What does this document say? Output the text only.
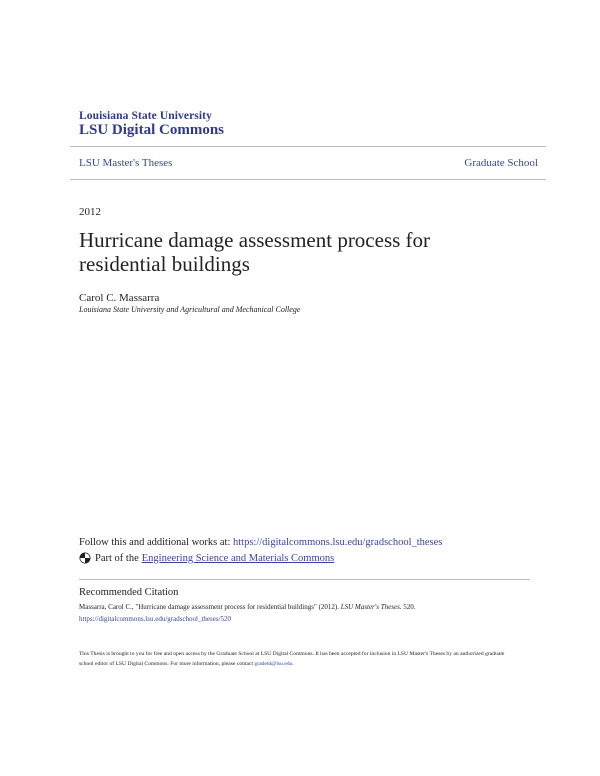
Louisiana State University
LSU Digital Commons
LSU Master's Theses	Graduate School
2012
Hurricane damage assessment process for residential buildings
Carol C. Massarra
Louisiana State University and Agricultural and Mechanical College
Follow this and additional works at: https://digitalcommons.lsu.edu/gradschool_theses
Part of the Engineering Science and Materials Commons
Recommended Citation
Massarra, Carol C., "Hurricane damage assessment process for residential buildings" (2012). LSU Master's Theses. 520.
https://digitalcommons.lsu.edu/gradschool_theses/520
This Thesis is brought to you for free and open access by the Graduate School at LSU Digital Commons. It has been accepted for inclusion in LSU Master's Theses by an authorized graduate school editor of LSU Digital Commons. For more information, please contact gradetd@lsu.edu.
